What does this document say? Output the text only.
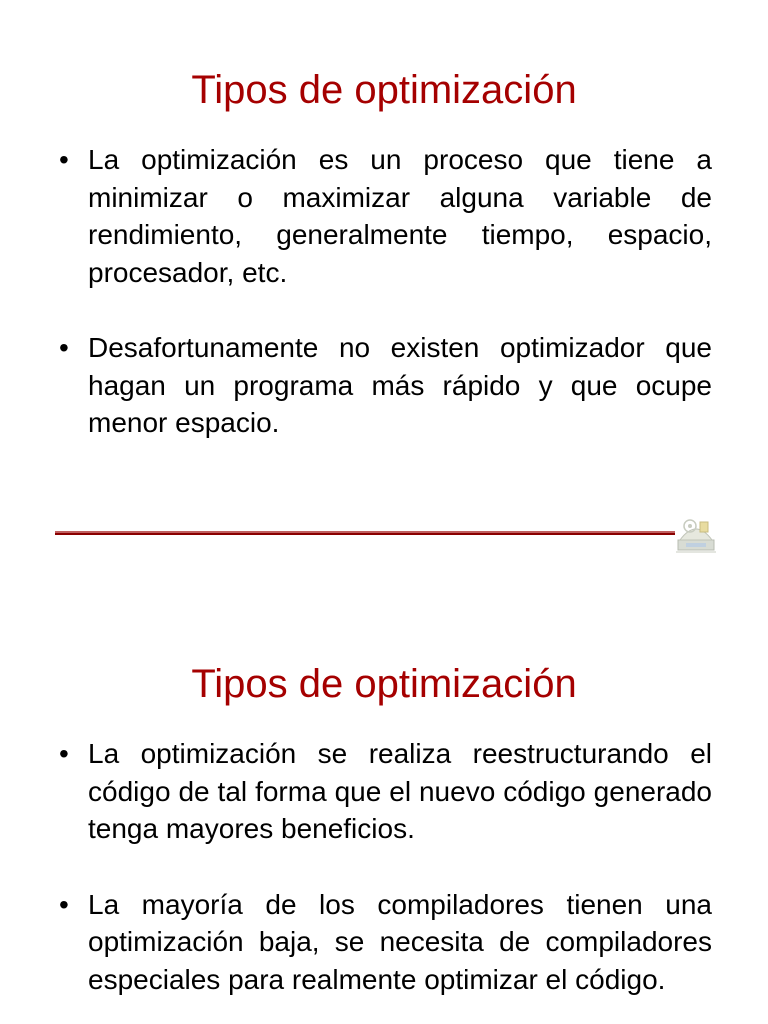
Tipos de optimización
• La optimización es un proceso que tiene a minimizar o maximizar alguna variable de rendimiento, generalmente tiempo, espacio, procesador, etc.
• Desafortunamente no existen optimizador que hagan un programa más rápido y que ocupe menor espacio.
Tipos de optimización
• La optimización se realiza reestructurando el código de tal forma que el nuevo código generado tenga mayores beneficios.
• La mayoría de los compiladores tienen una optimización baja, se necesita de compiladores especiales para realmente optimizar el código.
